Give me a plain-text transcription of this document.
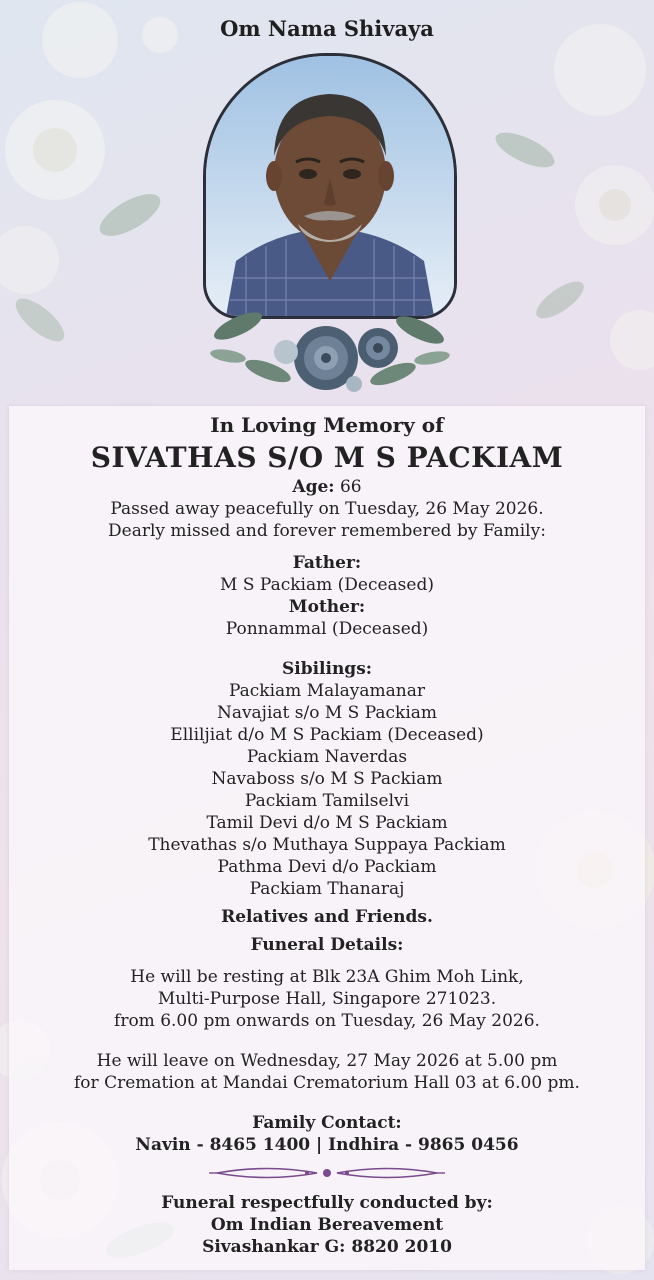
Om Nama Shivaya
In Loving Memory of
SIVATHAS S/O M S PACKIAM
Age: 66
Passed away peacefully on Tuesday, 26 May 2026.
Dearly missed and forever remembered by Family:
Father:
M S Packiam (Deceased)
Mother:
Ponnammal (Deceased)
Sibilings:
Packiam Malayamanar
Navajiat s/o M S Packiam
Elliljiat d/o M S Packiam (Deceased)
Packiam Naverdas
Navaboss s/o M S Packiam
Packiam Tamilselvi
Tamil Devi d/o M S Packiam
Thevathas s/o Muthaya Suppaya Packiam
Pathma Devi d/o Packiam
Packiam Thanaraj
Relatives and Friends.
Funeral Details:
He will be resting at Blk 23A Ghim Moh Link,
Multi-Purpose Hall, Singapore 271023.
from 6.00 pm onwards on Tuesday, 26 May 2026.
He will leave on Wednesday, 27 May 2026 at 5.00 pm
for Cremation at Mandai Crematorium Hall 03 at 6.00 pm.
Family Contact:
Navin - 8465 1400 | Indhira - 9865 0456
Funeral respectfully conducted by:
Om Indian Bereavement
Sivashankar G: 8820 2010
